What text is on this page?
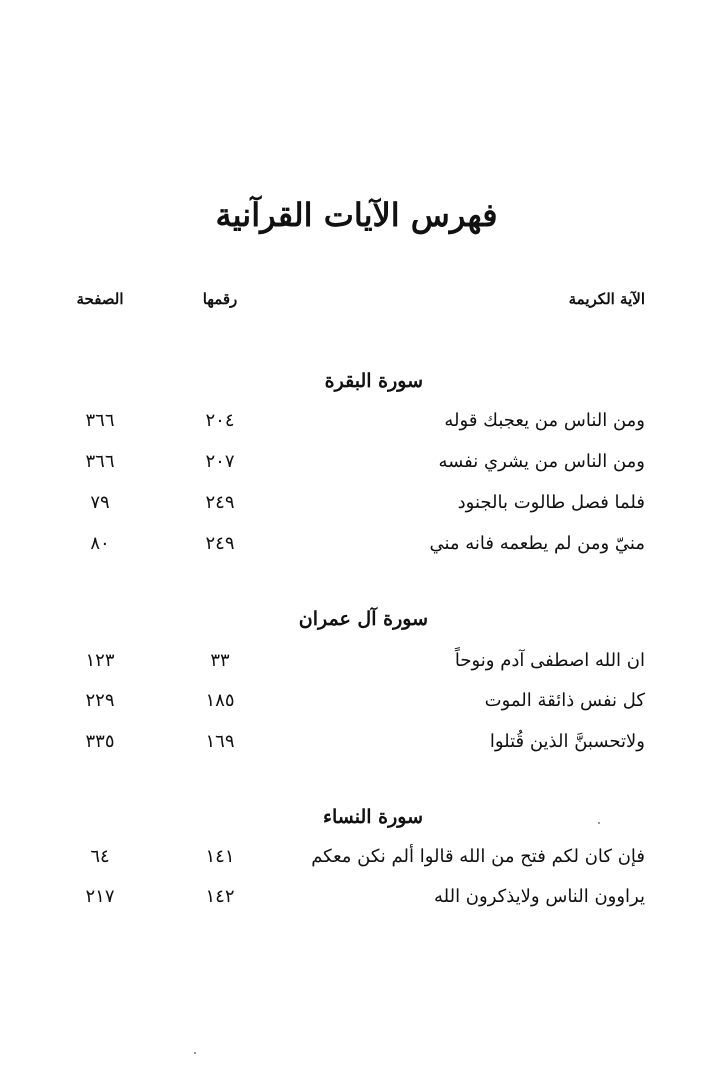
فهرس الآيات القرآنية
الآية الكريمة
رقمها
الصفحة
سورة البقرة
ومن الناس من يعجبك قوله
٢٠٤
٣٦٦
ومن الناس من يشري نفسه
٢٠٧
٣٦٦
فلما فصل طالوت بالجنود
٢٤٩
٧٩
منيّ ومن لم يطعمه فانه مني
٢٤٩
٨٠
سورة آل عمران
ان الله اصطفى آدم ونوحاً
٣٣
١٢٣
كل نفس ذائقة الموت
١٨٥
٢٢٩
ولاتحسبنَّ الذين قُتلوا
١٦٩
٣٣٥
سورة النساء
فإن كان لكم فتح من الله قالوا ألم نكن معكم
١٤١
٦٤
يراوون الناس ولايذكرون الله
١٤٢
٢١٧
